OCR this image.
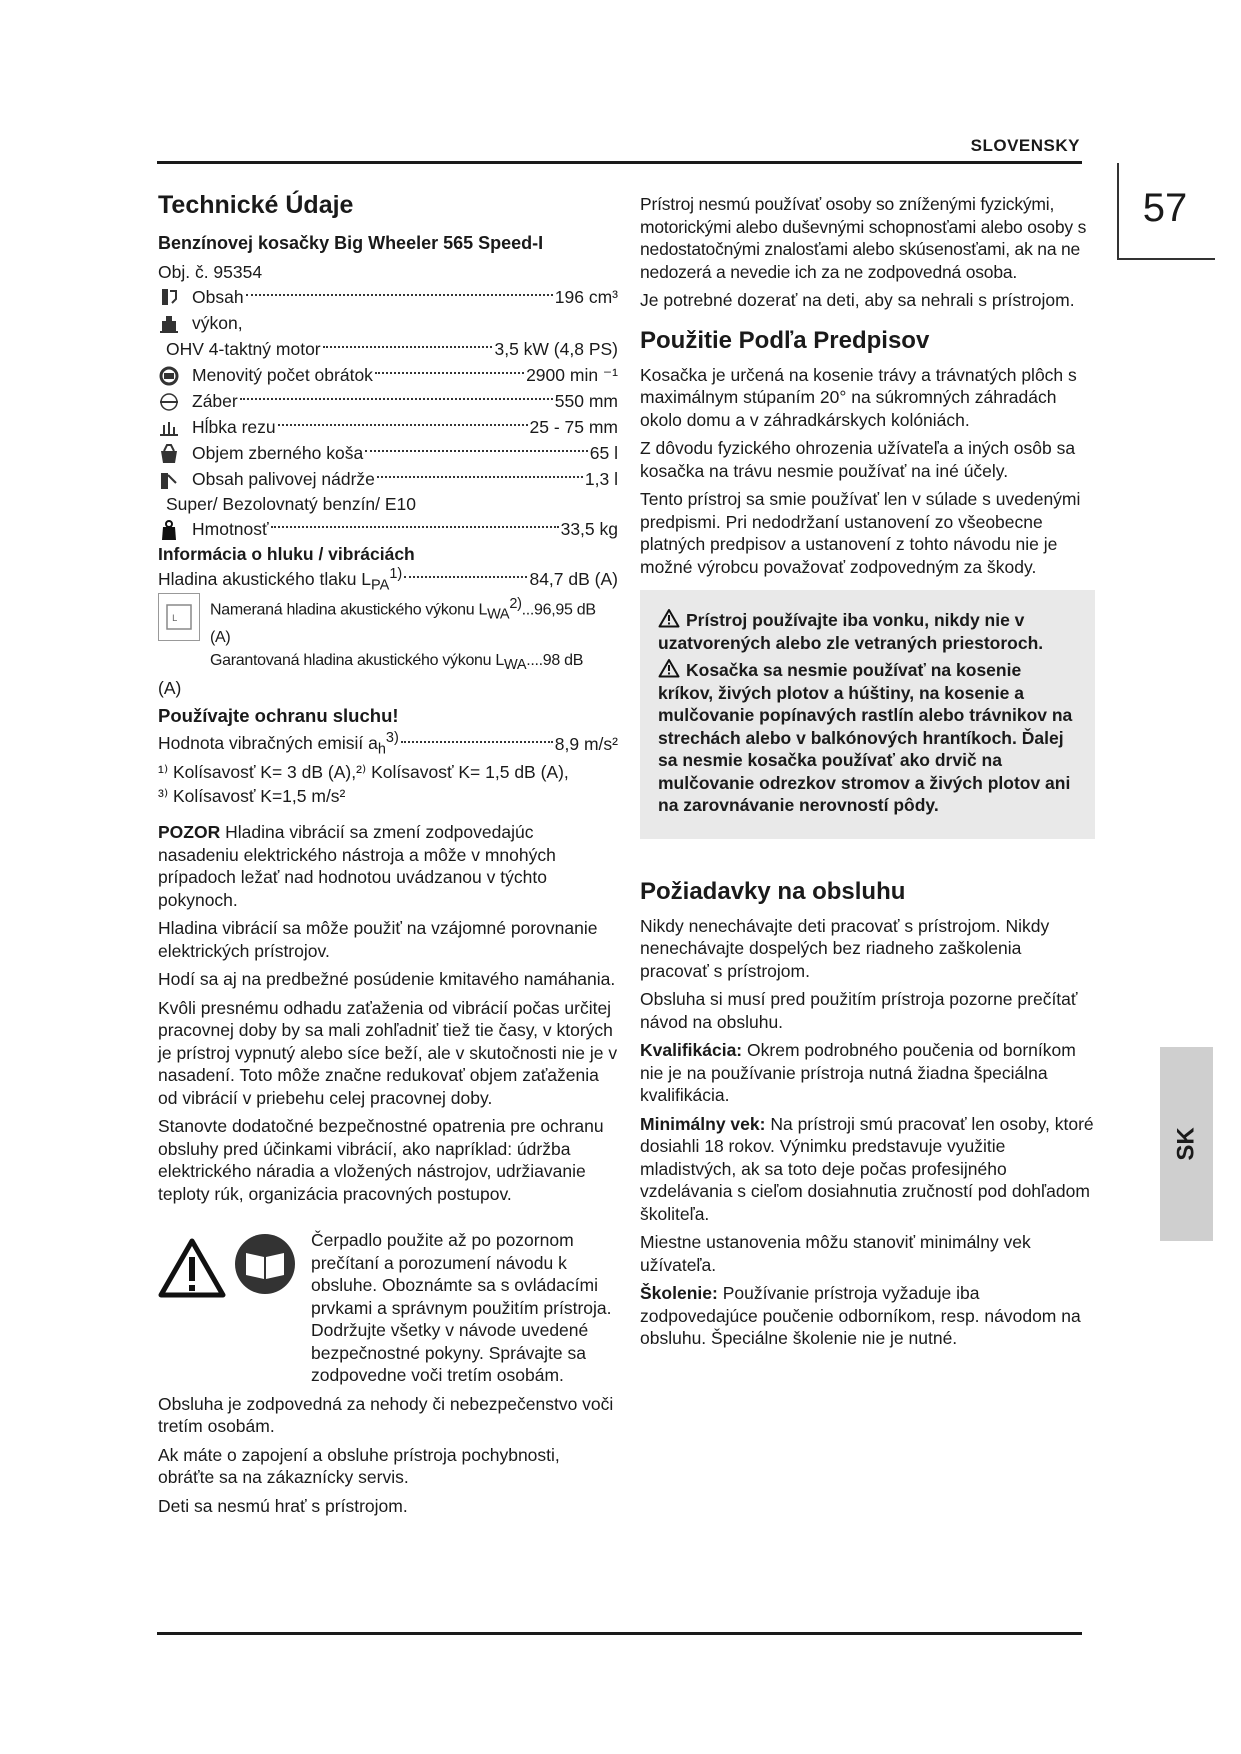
SLOVENSKY
57
SK
Technické Údaje
Benzínovej kosačky Big Wheeler 565 Speed-I
Obj. č. 95354
Obsah	196 cm³
výkon,
OHV 4-taktný motor	3,5 kW (4,8 PS)
Menovitý počet obrátok	2900 min ⁻¹
Záber	550 mm
Hĺbka rezu	25 - 75 mm
Objem zberného koša	65 l
Obsah palivovej nádrže	1,3 l
Super/ Bezolovnatý benzín/ E10
Hmotnosť	33,5 kg
Informácia o hluku / vibráciách
Hladina akustického tlaku $L_{PA}^{1)}$	84,7 dB (A)
L
Nameraná hladina akustického výkonu $L_{WA}^{2)}...96,95$ dB (A)
Garantovaná hladina akustického výkonu $L_{WA}....98$ dB
(A)
Používajte ochranu sluchu!
Hodnota vibračných emisií $a_h^{3)}$	8,9 m/s²
¹⁾ Kolísavosť K= 3 dB (A),²⁾ Kolísavosť K= 1,5 dB (A),
³⁾ Kolísavosť K=1,5 m/s²

POZOR Hladina vibrácií sa zmení zodpovedajúc nasadeniu elektrického nástroja a môže v mnohých prípadoch ležať nad hodnotou uvádzanou v týchto pokynoch.

Hladina vibrácií sa môže použiť na vzájomné porovnanie elektrických prístrojov.

Hodí sa aj na predbežné posúdenie kmitavého namáhania.

Kvôli presnému odhadu zaťaženia od vibrácií počas určitej pracovnej doby by sa mali zohľadniť tiež tie časy, v ktorých je prístroj vypnutý alebo síce beží, ale v skutočnosti nie je v nasadení. Toto môže značne redukovať objem zaťaženia od vibrácií v priebehu celej pracovnej doby.

Stanovte dodatočné bezpečnostné opatrenia pre ochranu obsluhy pred účinkami vibrácií, ako napríklad: údržba elektrického náradia a vložených nástrojov, udržiavanie teploty rúk, organizácia pracovných postupov.

Čerpadlo použite až po pozornom prečítaní a porozumení návodu k obsluhe. Oboznámte sa s ovládacími prvkami a správnym použitím prístroja. Dodržujte všetky v návode uvedené bezpečnostné pokyny. Správajte sa zodpovedne voči tretím osobám.

Obsluha je zodpovedná za nehody či nebezpečenstvo voči tretím osobám.

Ak máte o zapojení a obsluhe prístroja pochybnosti, obráťte sa na zákaznícky servis.

Deti sa nesmú hrať s prístrojom.

Prístroj nesmú používať osoby so zníženými fyzickými, motorickými alebo duševnými schopnosťami alebo osoby s nedostatočnými znalosťami alebo skúsenosťami, ak na ne nedozerá a nevedie ich za ne zodpovedná osoba.

Je potrebné dozerať na deti, aby sa nehrali s prístrojom.

Použitie Podľa Predpisov

Kosačka je určená na kosenie trávy a trávnatých plôch s maximálnym stúpaním 20° na súkromných záhradách okolo domu a v záhradkárskych kolóniách.

Z dôvodu fyzického ohrozenia užívateľa a iných osôb sa kosačka na trávu nesmie používať na iné účely.

Tento prístroj sa smie používať len v súlade s uvedenými predpismi. Pri nedodržaní ustanovení zo všeobecne platných predpisov a ustanovení z tohto návodu nie je možné výrobcu považovať zodpovedným za škody.

Prístroj používajte iba vonku, nikdy nie v uzatvorených alebo zle vetraných priestoroch.

Kosačka sa nesmie používať na kosenie kríkov, živých plotov a húštiny, na kosenie a mulčovanie popínavých rastlín alebo trávnikov na strechách alebo v balkónových hrantíkoch. Ďalej sa nesmie kosačka používať ako drvič na mulčovanie odrezkov stromov a živých plotov ani na zarovnávanie nerovností pôdy.

Požiadavky na obsluhu

Nikdy nenechávajte deti pracovať s prístrojom. Nikdy nenechávajte dospelých bez riadneho zaškolenia pracovať s prístrojom.

Obsluha si musí pred použitím prístroja pozorne prečítať návod na obsluhu.

Kvalifikácia: Okrem podrobného poučenia od borníkom nie je na používanie prístroja nutná žiadna špeciálna kvalifikácia.

Minimálny vek: Na prístroji smú pracovať len osoby, ktoré dosiahli 18 rokov. Výnimku predstavuje využitie mladistvých, ak sa toto deje počas profesijného vzdelávania s cieľom dosiahnutia zručností pod dohľadom školiteľa.

Miestne ustanovenia môžu stanoviť minimálny vek užívateľa.

Školenie: Používanie prístroja vyžaduje iba zodpovedajúce poučenie odborníkom, resp. návodom na obsluhu. Špeciálne školenie nie je nutné.
